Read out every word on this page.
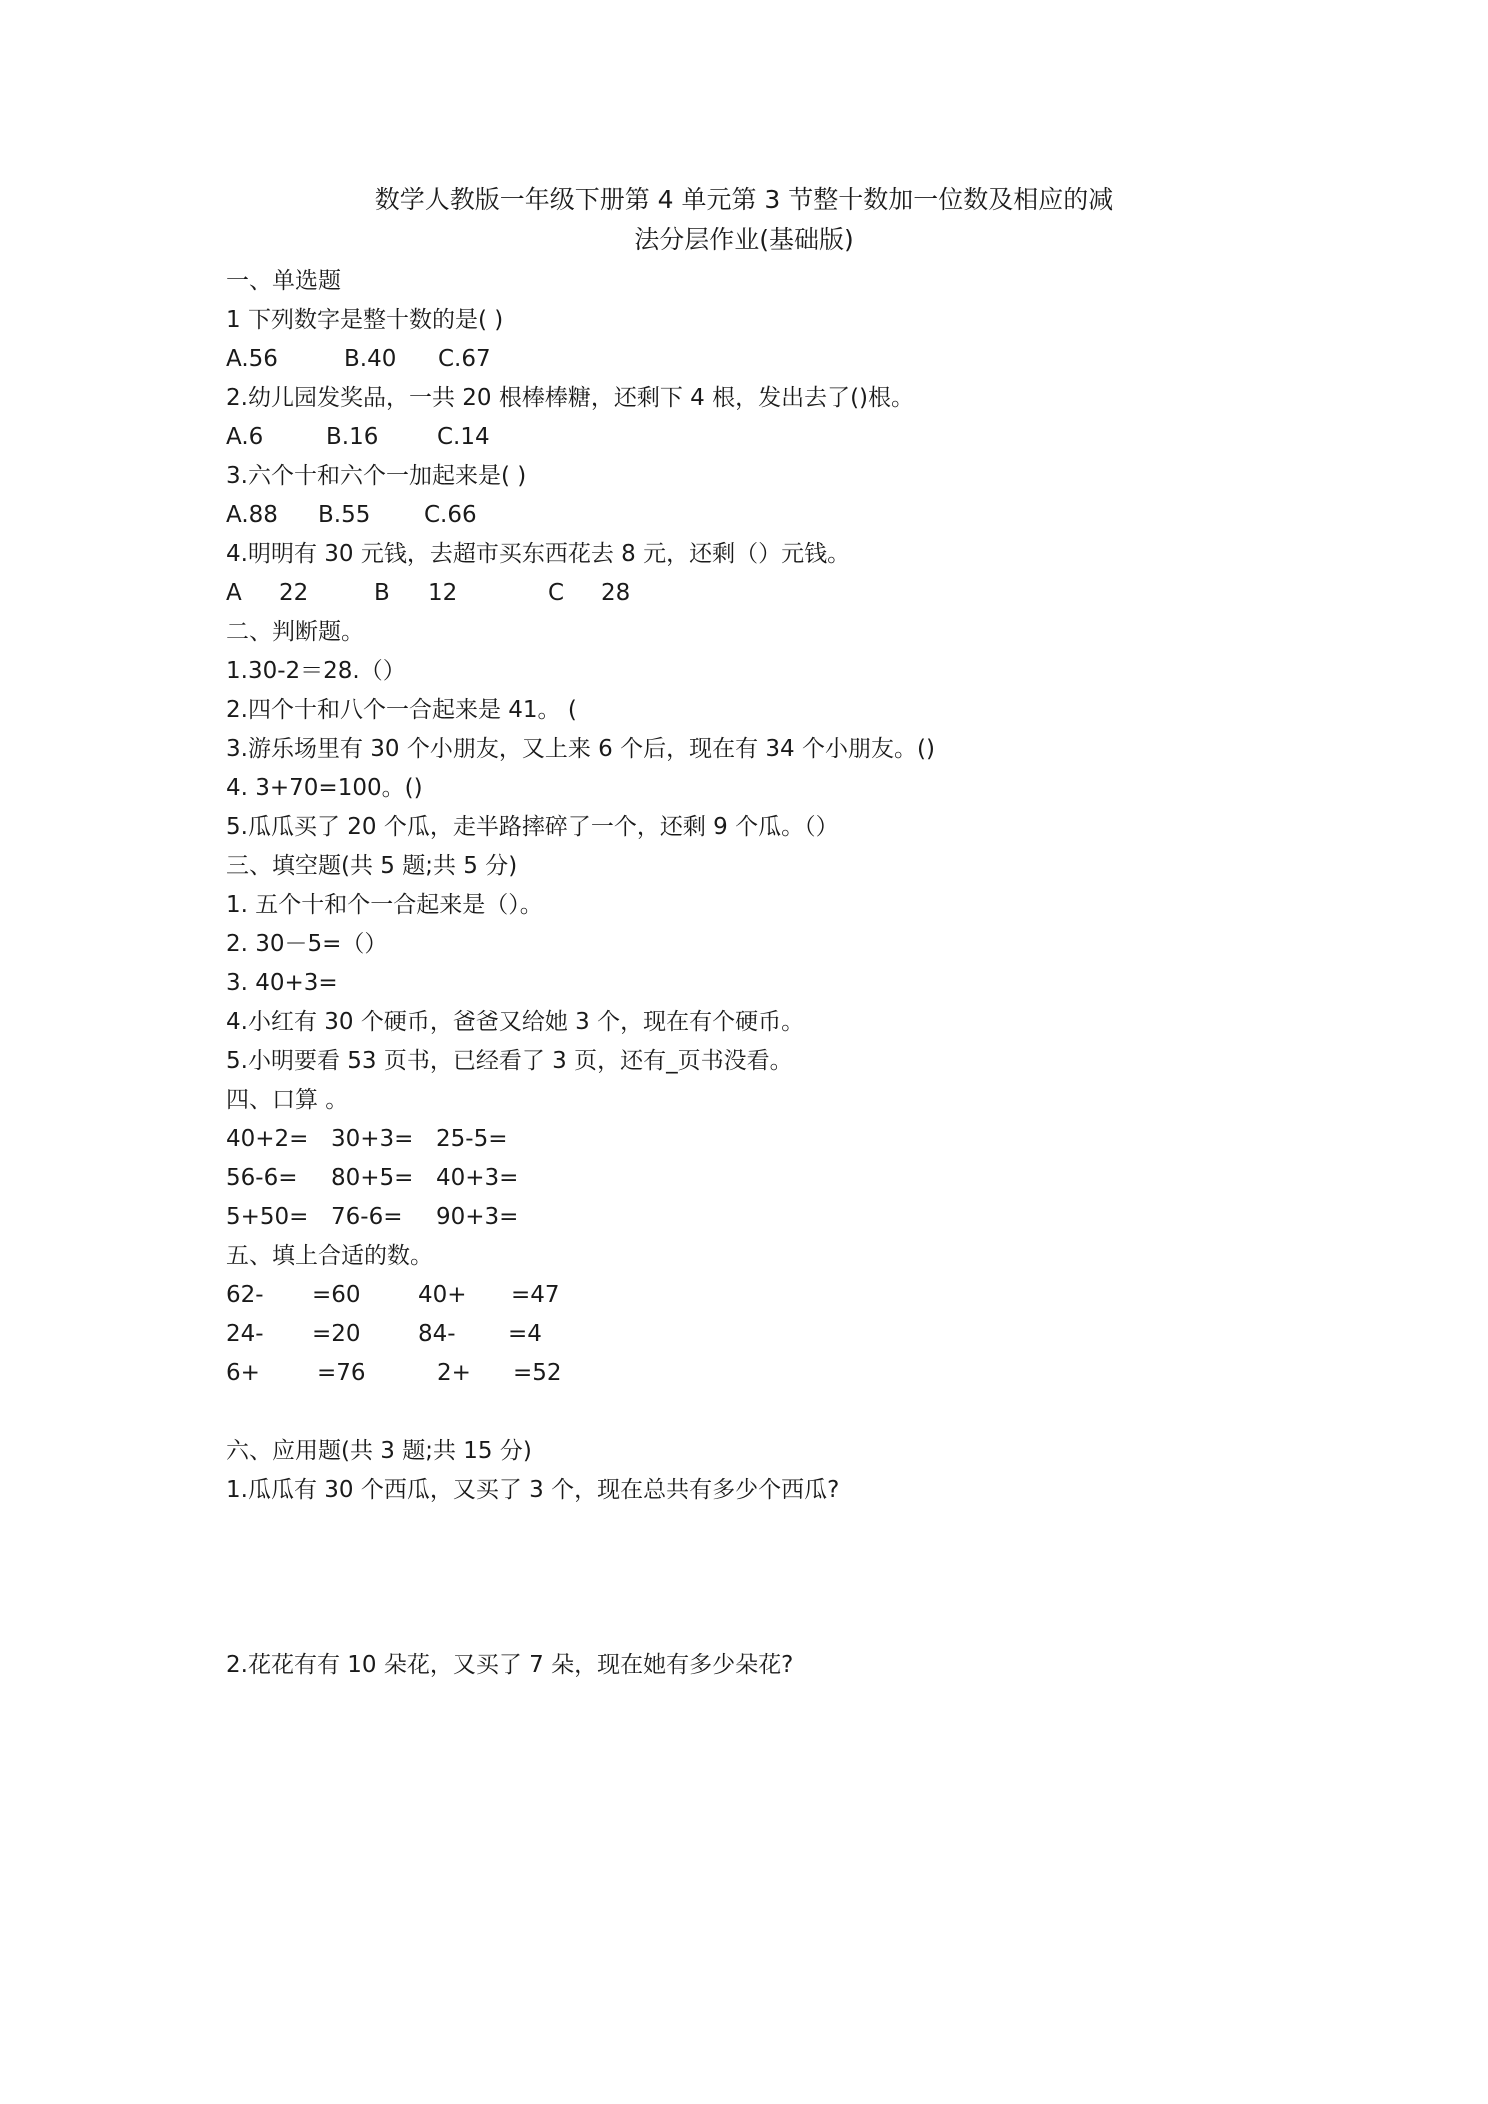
数学人教版一年级下册第 4 单元第 3 节整十数加一位数及相应的减
法分层作业(基础版)
一、单选题
1 下列数字是整十数的是( )
A.56	B.40 C.67
2.幼儿园发奖品，一共 20 根棒棒糖，还剩下 4 根，发出去了()根。
A.6	B.16	C.14
3.六个十和六个一加起来是( )
A.88 B.55 C.66
4.明明有 30 元钱，去超市买东西花去 8 元，还剩（）元钱。
A 22	B 12	C 28
二、判断题。
1.30-2＝28.（）
2.四个十和八个一合起来是 41。 (
3.游乐场里有 30 个小朋友，又上来 6 个后，现在有 34 个小朋友。()
4. 3+70=100。()
5.瓜瓜买了 20 个瓜，走半路摔碎了一个，还剩 9 个瓜。（）
三、填空题(共 5 题;共 5 分)
1. 五个十和个一合起来是（）。
2. 30－5=（）
3. 40+3=
4.小红有 30 个硬币，爸爸又给她 3 个，现在有个硬币。
5.小明要看 53 页书，已经看了 3 页，还有_页书没看。
四、口算 。
40+2= 30+3= 25-5=
56-6= 80+5= 40+3=
5+50= 76-6= 90+3=
五、填上合适的数。
62- =60 40+ =47
24- =20 84- =4
6+ =76	2+ =52
六、应用题(共 3 题;共 15 分)
1.瓜瓜有 30 个西瓜，又买了 3 个，现在总共有多少个西瓜?
2.花花有有 10 朵花，又买了 7 朵，现在她有多少朵花?
